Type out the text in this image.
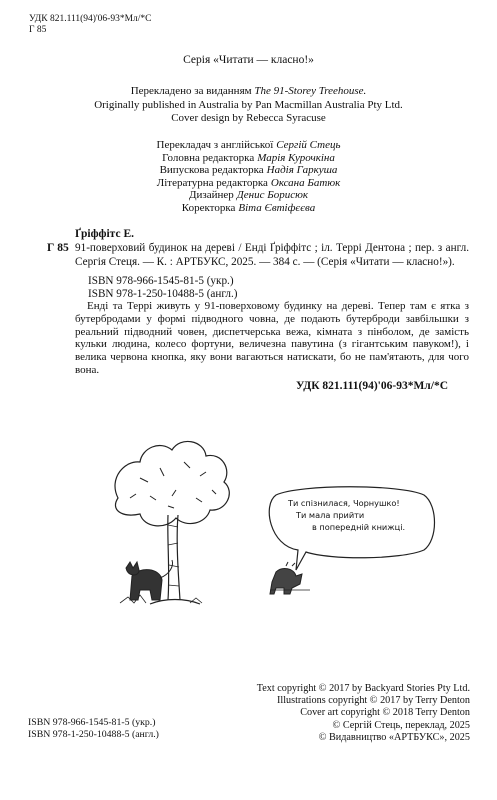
УДК 821.111(94)'06-93*Мл/*С
Г 85
Серія «Читати — класно!»
Перекладено за виданням The 91-Storey Treehouse.
Originally published in Australia by Pan Macmillan Australia Pty Ltd.
Cover design by Rebecca Syracuse
Перекладач з англійської Сергій Стець
Головна редакторка Марія Курочкіна
Випускова редакторка Надія Гаркуша
Літературна редакторка Оксана Батюк
Дизайнер Денис Борисюк
Коректорка Віта Євтіфєєва
Ґріффітс Е.
Г 85 91-поверховий будинок на дереві / Енді Ґріффітс ; іл. Террі Дентона ; пер. з англ. Сергія Стеця. — К. : АРТБУКС, 2025. — 384 с. — (Серія «Читати — класно!»).
ISBN 978-966-1545-81-5 (укр.)
ISBN 978-1-250-10488-5 (англ.)
Енді та Террі живуть у 91-поверховому будинку на дереві. Тепер там є ятка з бутербродами у формі підводного човна, де подають бутерброди завбільшки з реальний підводний човен, диспетчерська вежа, кімната з пінболом, де замість кульки людина, колесо фортуни, величезна павутина (з гігантським павуком!), і велика червона кнопка, яку вони вагаються натискати, бо не пам'ятають, для чого вона.
УДК 821.111(94)'06-93*Мл/*С
Ти спізнилася, Чорнушко!
Ти мала прийти
в попередній книжці.
Text copyright © 2017 by Backyard Stories Pty Ltd.
Illustrations copyright © 2017 by Terry Denton
Cover art copyright © 2018 Terry Denton
© Сергій Стець, переклад, 2025
© Видавництво «АРТБУКС», 2025
ISBN 978-966-1545-81-5 (укр.)
ISBN 978-1-250-10488-5 (англ.)
